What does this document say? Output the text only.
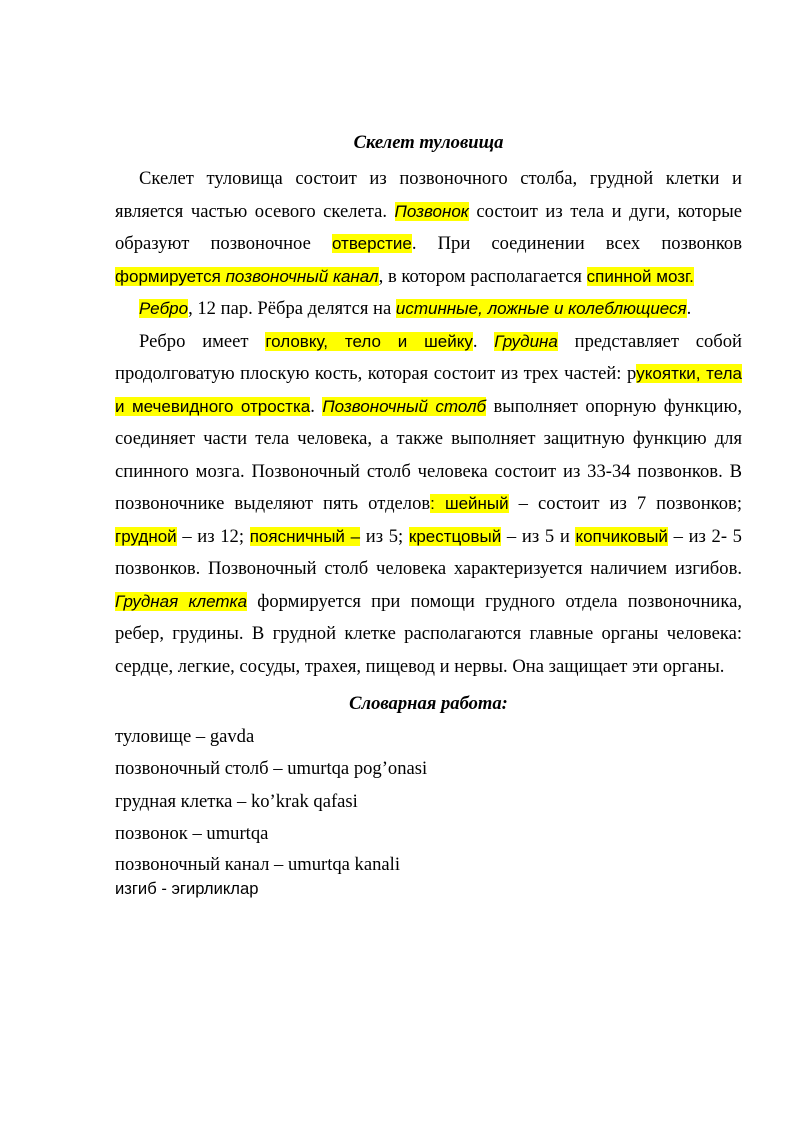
Скелет туловища

Скелет туловища состоит из позвоночного столба, грудной клетки и является частью осевого скелета. Позвонок состоит из тела и дуги, которые образуют позвоночное отверстие. При соединении всех позвонков формируется позвоночный канал, в котором располагается спинной мозг.

Ребро, 12 пар. Рёбра делятся на истинные, ложные и колеблющиеся.

Ребро имеет головку, тело и шейку. Грудина представляет собой продолговатую плоскую кость, которая состоит из трех частей: рукоятки, тела и мечевидного отростка. Позвоночный столб выполняет опорную функцию, соединяет части тела человека, а также выполняет защитную функцию для спинного мозга. Позвоночный столб человека состоит из 33-34 позвонков. В позвоночнике выделяют пять отделов: шейный – состоит из 7 позвонков; грудной – из 12; поясничный – из 5; крестцовый – из 5 и копчиковый – из 2- 5 позвонков. Позвоночный столб человека характеризуется наличием изгибов. Грудная клетка формируется при помощи грудного отдела позвоночника, ребер, грудины. В грудной клетке располагаются главные органы человека: сердце, легкие, сосуды, трахея, пищевод и нервы. Она защищает эти органы.

Словарная работа:

туловище – gavda

позвоночный столб – umurtqa pog’onasi

грудная клетка – ko’krak qafasi

позвонок – umurtqa

позвоночный канал – umurtqa kanali

изгиб - эгирликлар
